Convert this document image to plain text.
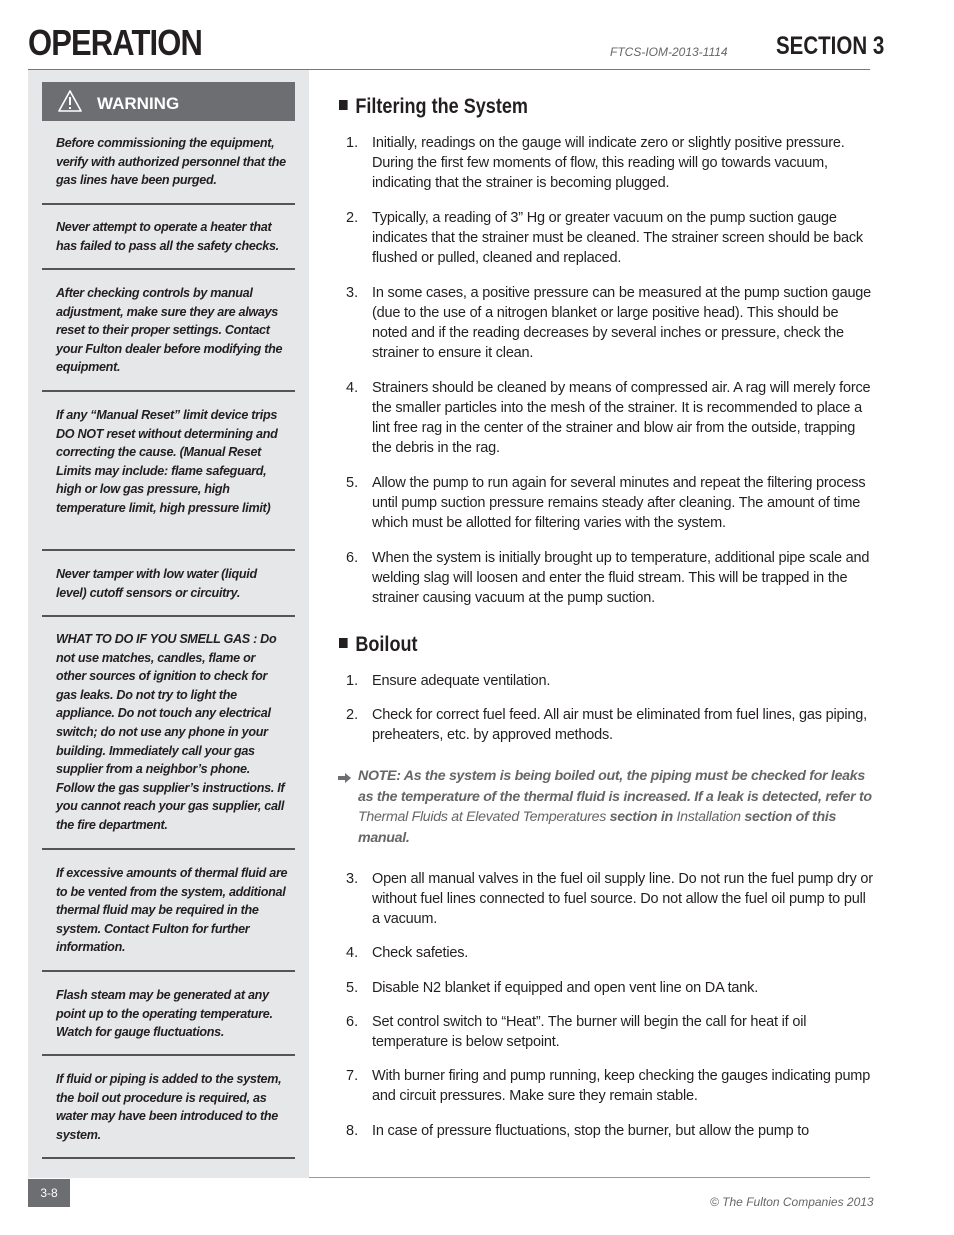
OPERATION	FTCS-IOM-2013-1114 SECTION 3
WARNING
Before commissioning the equipment, verify with authorized personnel that the gas lines have been purged.
Never attempt to operate a heater that has failed to pass all the safety checks.
After checking controls by manual adjustment, make sure they are always reset to their proper settings. Contact your Fulton dealer before modifying the equipment.
If any “Manual Reset” limit device trips DO NOT reset without determining and correcting the cause. (Manual Reset Limits may include: flame safeguard, high or low gas pressure, high temperature limit, high pressure limit)
Never tamper with low water (liquid level) cutoff sensors or circuitry.
WHAT TO DO IF YOU SMELL GAS : Do not use matches, candles, flame or other sources of ignition to check for gas leaks. Do not try to light the appliance. Do not touch any electrical switch; do not use any phone in your building. Immediately call your gas supplier from a neighbor’s phone. Follow the gas supplier’s instructions. If you cannot reach your gas supplier, call the fire department.
If excessive amounts of thermal fluid are to be vented from the system, additional thermal fluid may be required in the system. Contact Fulton for further information.
Flash steam may be generated at any point up to the operating temperature. Watch for gauge fluctuations.
If fluid or piping is added to the system, the boil out procedure is required, as water may have been introduced to the system.
Filtering the System
1. Initially, readings on the gauge will indicate zero or slightly positive pressure. During the first few moments of flow, this reading will go towards vacuum, indicating that the strainer is becoming plugged.
2. Typically, a reading of 3” Hg or greater vacuum on the pump suction gauge indicates that the strainer must be cleaned. The strainer screen should be back flushed or pulled, cleaned and replaced.
3. In some cases, a positive pressure can be measured at the pump suction gauge (due to the use of a nitrogen blanket or large positive head). This should be noted and if the reading decreases by several inches or pressure, check the strainer to ensure it clean.
4. Strainers should be cleaned by means of compressed air. A rag will merely force the smaller particles into the mesh of the strainer. It is recommended to place a lint free rag in the center of the strainer and blow air from the outside, trapping the debris in the rag.
5. Allow the pump to run again for several minutes and repeat the filtering process until pump suction pressure remains steady after cleaning. The amount of time which must be allotted for filtering varies with the system.
6. When the system is initially brought up to temperature, additional pipe scale and welding slag will loosen and enter the fluid stream. This will be trapped in the strainer causing vacuum at the pump suction.
Boilout
1. Ensure adequate ventilation.
2. Check for correct fuel feed. All air must be eliminated from fuel lines, gas piping, preheaters, etc. by approved methods.
NOTE: As the system is being boiled out, the piping must be checked for leaks as the temperature of the thermal fluid is increased. If a leak is detected, refer to Thermal Fluids at Elevated Temperatures section in Installation section of this manual.
3. Open all manual valves in the fuel oil supply line. Do not run the fuel pump dry or without fuel lines connected to fuel source. Do not allow the fuel oil pump to pull a vacuum.
4. Check safeties.
5. Disable N2 blanket if equipped and open vent line on DA tank.
6. Set control switch to “Heat”. The burner will begin the call for heat if oil temperature is below setpoint.
7. With burner firing and pump running, keep checking the gauges indicating pump and circuit pressures. Make sure they remain stable.
8. In case of pressure fluctuations, stop the burner, but allow the pump to
3-8
© The Fulton Companies 2013
